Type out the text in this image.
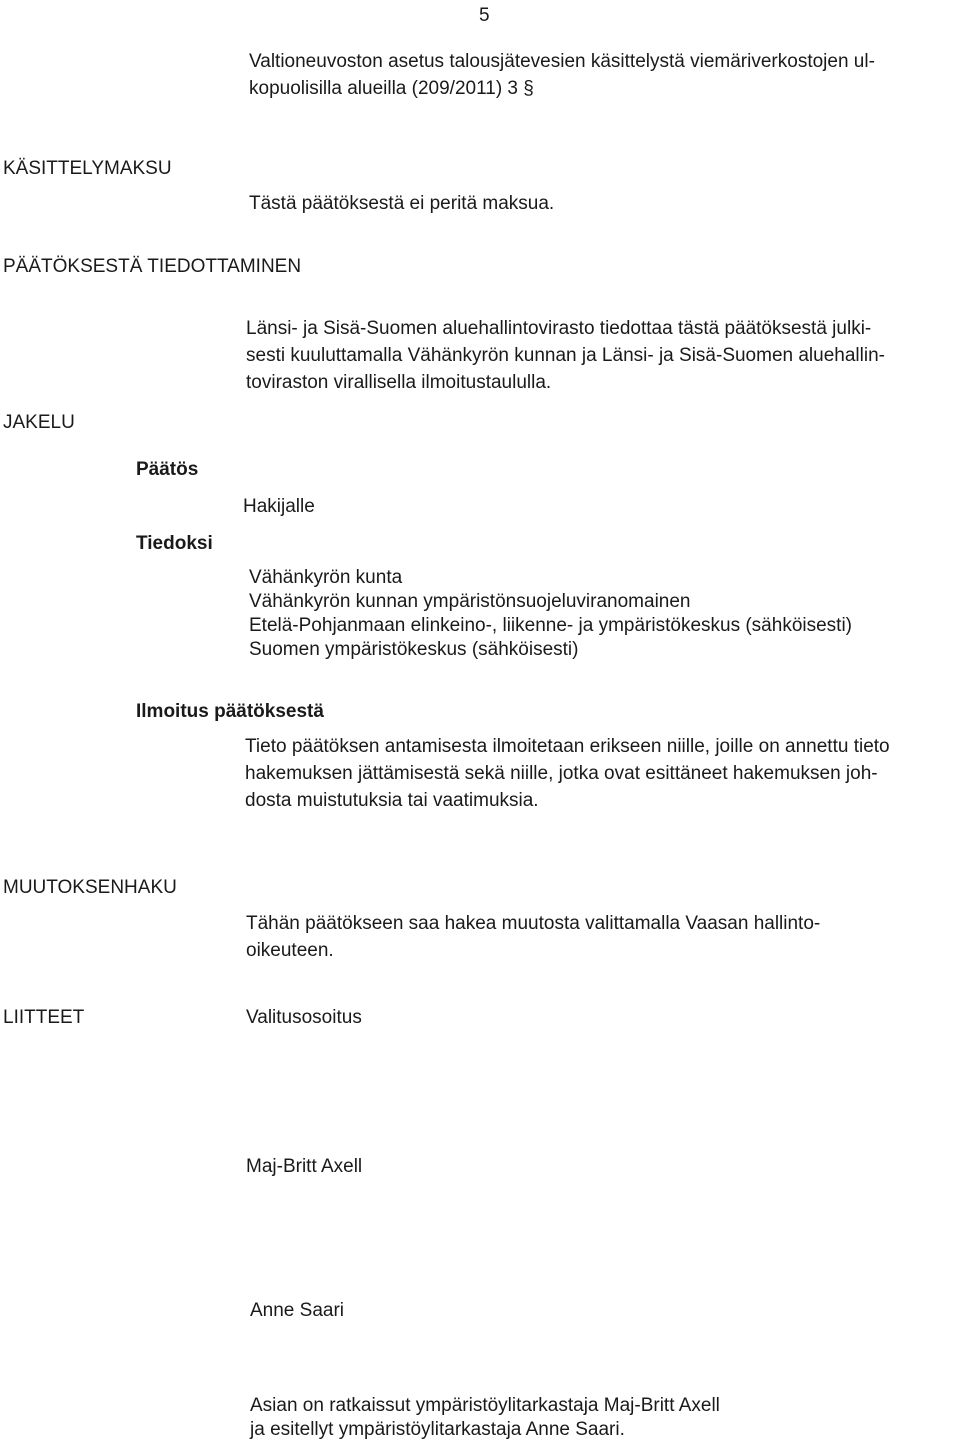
5
Valtioneuvoston asetus talousjätevesien käsittelystä viemäriverkostojen ul-
kopuolisilla alueilla (209/2011) 3 §
KÄSITTELYMAKSU
Tästä päätöksestä ei peritä maksua.
PÄÄTÖKSESTÄ TIEDOTTAMINEN
Länsi- ja Sisä-Suomen aluehallintovirasto tiedottaa tästä päätöksestä julki-
sesti kuuluttamalla Vähänkyrön kunnan ja Länsi- ja Sisä-Suomen aluehallin-
toviraston virallisella ilmoitustaululla.
JAKELU
Päätös
Hakijalle
Tiedoksi
Vähänkyrön kunta
Vähänkyrön kunnan ympäristönsuojeluviranomainen
Etelä-Pohjanmaan elinkeino-, liikenne- ja ympäristökeskus (sähköisesti)
Suomen ympäristökeskus (sähköisesti)
Ilmoitus päätöksestä
Tieto päätöksen antamisesta ilmoitetaan erikseen niille, joille on annettu tieto
hakemuksen jättämisestä sekä niille, jotka ovat esittäneet hakemuksen joh-
dosta muistutuksia tai vaatimuksia.
MUUTOKSENHAKU
Tähän päätökseen saa hakea muutosta valittamalla Vaasan hallinto-
oikeuteen.
LIITTEET	Valitusosoitus
Maj-Britt Axell
Anne Saari
Asian on ratkaissut ympäristöylitarkastaja Maj-Britt Axell
ja esitellyt ympäristöylitarkastaja Anne Saari.
